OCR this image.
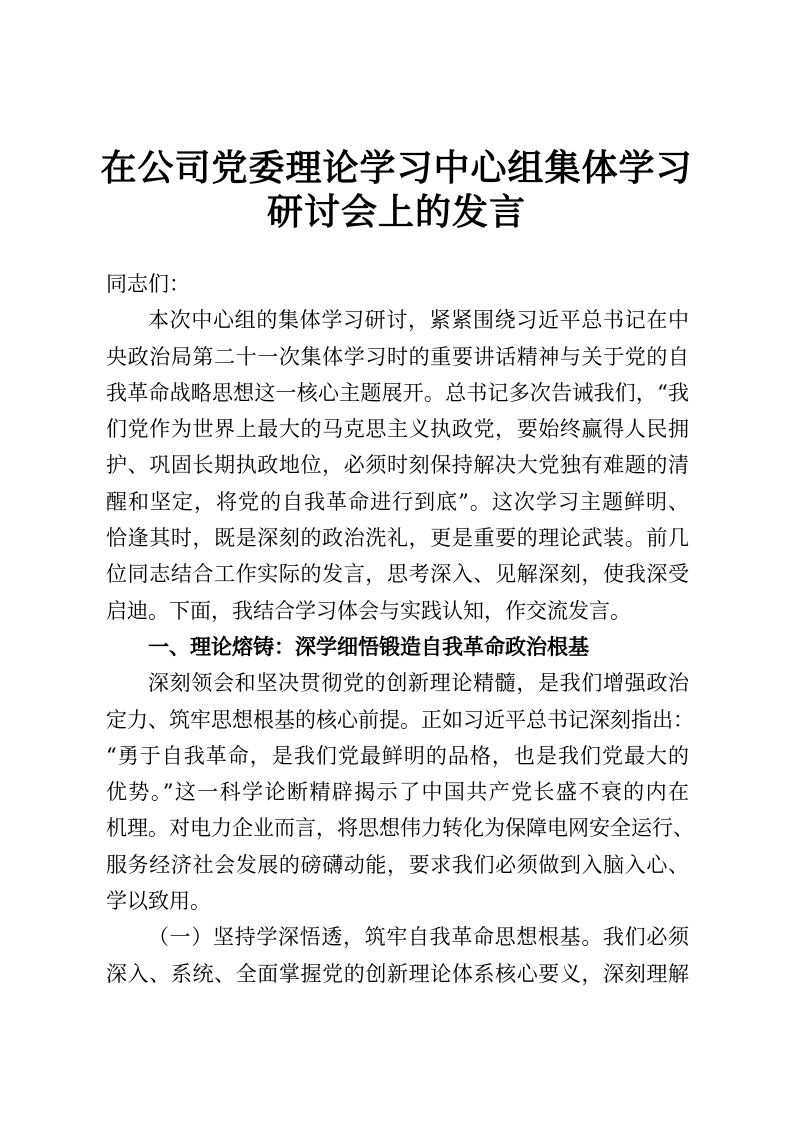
在公司党委理论学习中心组集体学习
研讨会上的发言
同志们：
本次中心组的集体学习研讨，紧紧围绕习近平总书记在中
央政治局第二十一次集体学习时的重要讲话精神与关于党的自
我革命战略思想这一核心主题展开。总书记多次告诫我们，“我
们党作为世界上最大的马克思主义执政党，要始终赢得人民拥
护、巩固长期执政地位，必须时刻保持解决大党独有难题的清
醒和坚定，将党的自我革命进行到底”。这次学习主题鲜明、
恰逢其时，既是深刻的政治洗礼，更是重要的理论武装。前几
位同志结合工作实际的发言，思考深入、见解深刻，使我深受
启迪。下面，我结合学习体会与实践认知，作交流发言。
一、理论熔铸：深学细悟锻造自我革命政治根基
深刻领会和坚决贯彻党的创新理论精髓，是我们增强政治
定力、筑牢思想根基的核心前提。正如习近平总书记深刻指出：
“勇于自我革命，是我们党最鲜明的品格，也是我们党最大的
优势。”这一科学论断精辟揭示了中国共产党长盛不衰的内在
机理。对电力企业而言，将思想伟力转化为保障电网安全运行、
服务经济社会发展的磅礴动能，要求我们必须做到入脑入心、
学以致用。
（一）坚持学深悟透，筑牢自我革命思想根基。我们必须
深入、系统、全面掌握党的创新理论体系核心要义，深刻理解
